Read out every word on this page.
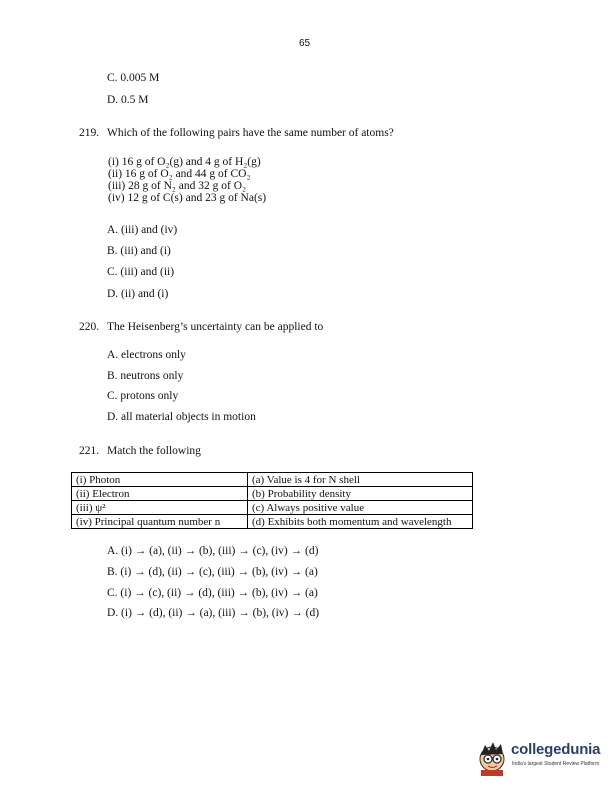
65
C. 0.005 M
D. 0.5 M
219. Which of the following pairs have the same number of atoms?
(i) 16 g of O₂(g) and 4 g of H₂(g)
(ii) 16 g of O₂ and 44 g of CO₂
(iii) 28 g of N₂ and 32 g of O₂
(iv) 12 g of C(s) and 23 g of Na(s)
A. (iii) and (iv)
B. (iii) and (i)
C. (iii) and (ii)
D. (ii) and (i)
220. The Heisenberg’s uncertainty can be applied to
A. electrons only
B. neutrons only
C. protons only
D. all material objects in motion
221. Match the following
(i) Photon	(a) Value is 4 for N shell
(ii) Electron	(b) Probability density
(iii) ψ²	(c) Always positive value
(iv) Principal quantum number n	(d) Exhibits both momentum and wavelength
A. (i) → (a), (ii) → (b), (iii) → (c), (iv) → (d)
B. (i) → (d), (ii) → (c), (iii) → (b), (iv) → (a)
C. (i) → (c), (ii) → (d), (iii) → (b), (iv) → (a)
D. (i) → (d), (ii) → (a), (iii) → (b), (iv) → (d)
collegedunia
India's largest Student Review Platform
